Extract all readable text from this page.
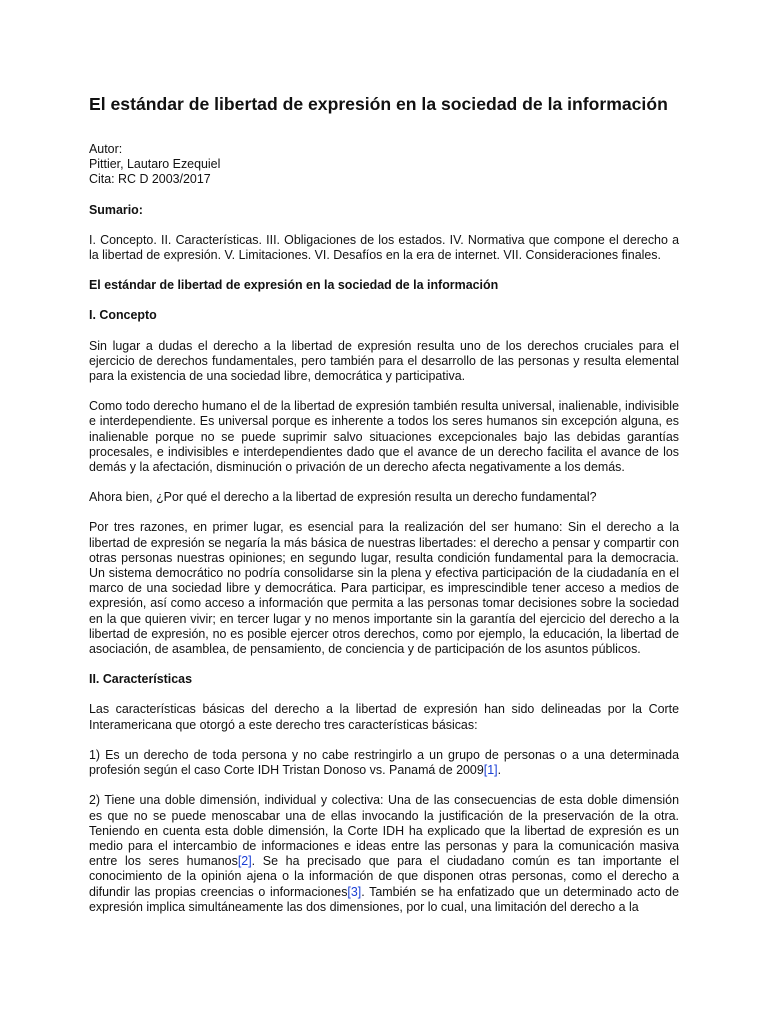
El estándar de libertad de expresión en la sociedad de la información
Autor:
Pittier, Lautaro Ezequiel
Cita: RC D 2003/2017
Sumario:
I. Concepto. II. Características. III. Obligaciones de los estados. IV. Normativa que compone el derecho a la libertad de expresión. V. Limitaciones. VI. Desafíos en la era de internet. VII. Consideraciones finales.
El estándar de libertad de expresión en la sociedad de la información
I. Concepto
Sin lugar a dudas el derecho a la libertad de expresión resulta uno de los derechos cruciales para el ejercicio de derechos fundamentales, pero también para el desarrollo de las personas y resulta elemental para la existencia de una sociedad libre, democrática y participativa.
Como todo derecho humano el de la libertad de expresión también resulta universal, inalienable, indivisible e interdependiente. Es universal porque es inherente a todos los seres humanos sin excepción alguna, es inalienable porque no se puede suprimir salvo situaciones excepcionales bajo las debidas garantías procesales, e indivisibles e interdependientes dado que el avance de un derecho facilita el avance de los demás y la afectación, disminución o privación de un derecho afecta negativamente a los demás.
Ahora bien, ¿Por qué el derecho a la libertad de expresión resulta un derecho fundamental?
Por tres razones, en primer lugar, es esencial para la realización del ser humano: Sin el derecho a la libertad de expresión se negaría la más básica de nuestras libertades: el derecho a pensar y compartir con otras personas nuestras opiniones; en segundo lugar, resulta condición fundamental para la democracia. Un sistema democrático no podría consolidarse sin la plena y efectiva participación de la ciudadanía en el marco de una sociedad libre y democrática. Para participar, es imprescindible tener acceso a medios de expresión, así como acceso a información que permita a las personas tomar decisiones sobre la sociedad en la que quieren vivir; en tercer lugar y no menos importante sin la garantía del ejercicio del derecho a la libertad de expresión, no es posible ejercer otros derechos, como por ejemplo, la educación, la libertad de asociación, de asamblea, de pensamiento, de conciencia y de participación de los asuntos públicos.
II. Características
Las características básicas del derecho a la libertad de expresión han sido delineadas por la Corte Interamericana que otorgó a este derecho tres características básicas:
1) Es un derecho de toda persona y no cabe restringirlo a un grupo de personas o a una determinada profesión según el caso Corte IDH Tristan Donoso vs. Panamá de 2009[1].
2) Tiene una doble dimensión, individual y colectiva: Una de las consecuencias de esta doble dimensión es que no se puede menoscabar una de ellas invocando la justificación de la preservación de la otra. Teniendo en cuenta esta doble dimensión, la Corte IDH ha explicado que la libertad de expresión es un medio para el intercambio de informaciones e ideas entre las personas y para la comunicación masiva entre los seres humanos[2]. Se ha precisado que para el ciudadano común es tan importante el conocimiento de la opinión ajena o la información de que disponen otras personas, como el derecho a difundir las propias creencias o informaciones[3]. También se ha enfatizado que un determinado acto de expresión implica simultáneamente las dos dimensiones, por lo cual, una limitación del derecho a la
